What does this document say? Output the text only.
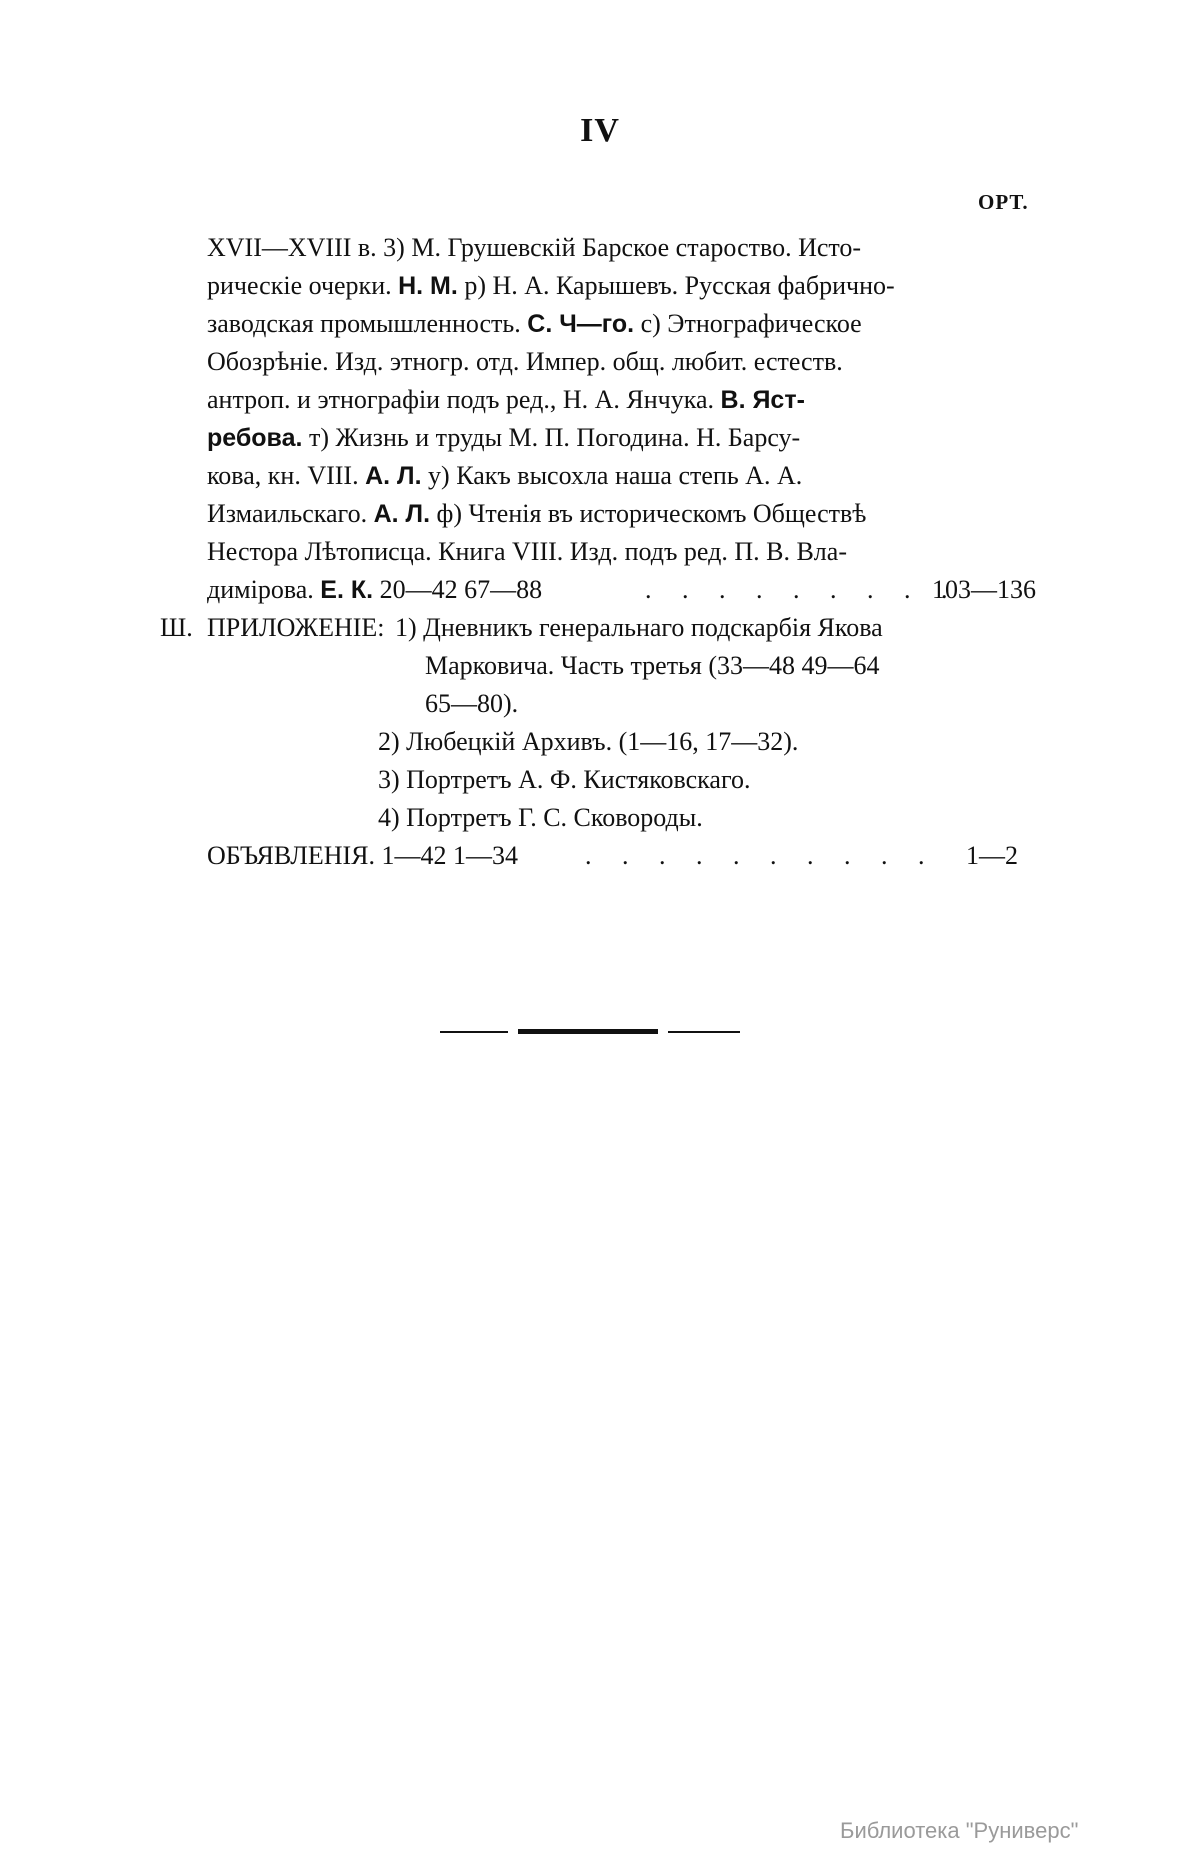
IV
ОРТ.
XVII—XVIII в. 3) М. Грушевскій Барское староство. Исто-
рическіе очерки. Н. М. р) Н. А. Карышевъ. Русская фабрично-
заводская промышленность. С. Ч—го. с) Этнографическое
Обозрѣніе. Изд. этногр. отд. Импер. общ. любит. естеств.
антроп. и этнографіи подъ ред., Н. А. Янчука. В. Яст-
ребова. т) Жизнь и труды М. П. Погодина. Н. Барсу-
кова, кн. VIII. А. Л. у) Какъ высохла наша степь А. А.
Измаильскаго. А. Л. ф) Чтенія въ историческомъ Обществѣ
Нестора Лѣтописца. Книга VIII. Изд. подъ ред. П. В. Вла-
димірова. Е. К. 20—42 67—88	. . . . . . . . .
103—136
Ш. ПРИЛОЖЕНІЕ: 1) Дневникъ генеральнаго подскарбія Якова
Марковича. Часть третья (33—48 49—64
65—80).
2) Любецкій Архивъ. (1—16, 17—32).
3) Портретъ А. Ф. Кистяковскаго.
4) Портретъ Г. С. Сковороды.
ОБЪЯВЛЕНІЯ. 1—42 1—34	. . . . . . . . . . 1—2
Библиотека "Руниверс"
